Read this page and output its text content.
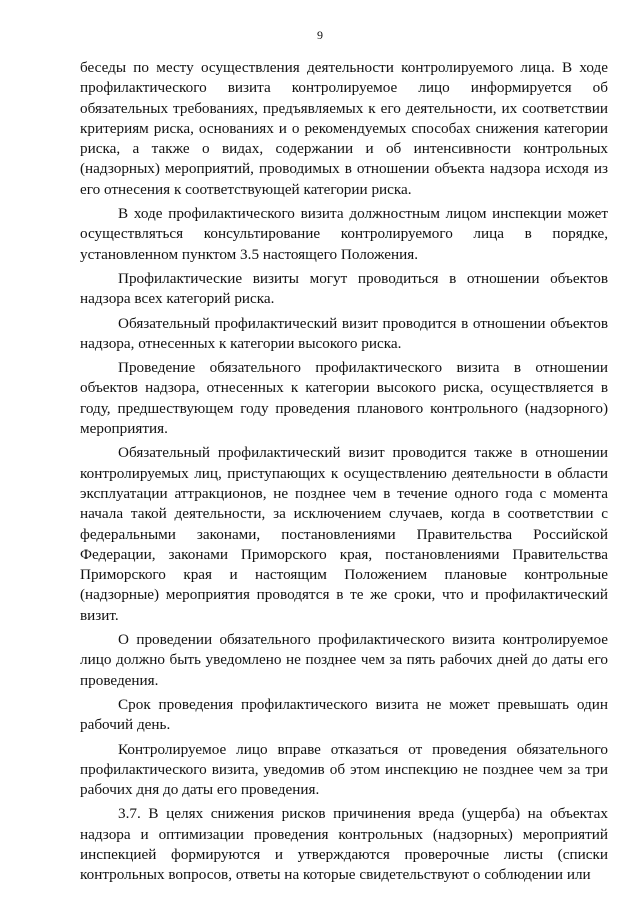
9

беседы по месту осуществления деятельности контролируемого лица. В ходе профилактического визита контролируемое лицо информируется об обязательных требованиях, предъявляемых к его деятельности, их соответствии критериям риска, основаниях и о рекомендуемых способах снижения категории риска, а также о видах, содержании и об интенсивности контрольных (надзорных) мероприятий, проводимых в отношении объекта надзора исходя из его отнесения к соответствующей категории риска.

В ходе профилактического визита должностным лицом инспекции может осуществляться консультирование контролируемого лица в порядке, установленном пунктом 3.5 настоящего Положения.

Профилактические визиты могут проводиться в отношении объектов надзора всех категорий риска.

Обязательный профилактический визит проводится в отношении объектов надзора, отнесенных к категории высокого риска.

Проведение обязательного профилактического визита в отношении объектов надзора, отнесенных к категории высокого риска, осуществляется в году, предшествующем году проведения планового контрольного (надзорного) мероприятия.

Обязательный профилактический визит проводится также в отношении контролируемых лиц, приступающих к осуществлению деятельности в области эксплуатации аттракционов, не позднее чем в течение одного года с момента начала такой деятельности, за исключением случаев, когда в соответствии с федеральными законами, постановлениями Правительства Российской Федерации, законами Приморского края, постановлениями Правительства Приморского края и настоящим Положением плановые контрольные (надзорные) мероприятия проводятся в те же сроки, что и профилактический визит.

О проведении обязательного профилактического визита контролируемое лицо должно быть уведомлено не позднее чем за пять рабочих дней до даты его проведения.

Срок проведения профилактического визита не может превышать один рабочий день.

Контролируемое лицо вправе отказаться от проведения обязательного профилактического визита, уведомив об этом инспекцию не позднее чем за три рабочих дня до даты его проведения.

3.7. В целях снижения рисков причинения вреда (ущерба) на объектах надзора и оптимизации проведения контрольных (надзорных) мероприятий инспекцией формируются и утверждаются проверочные листы (списки контрольных вопросов, ответы на которые свидетельствуют о соблюдении или
